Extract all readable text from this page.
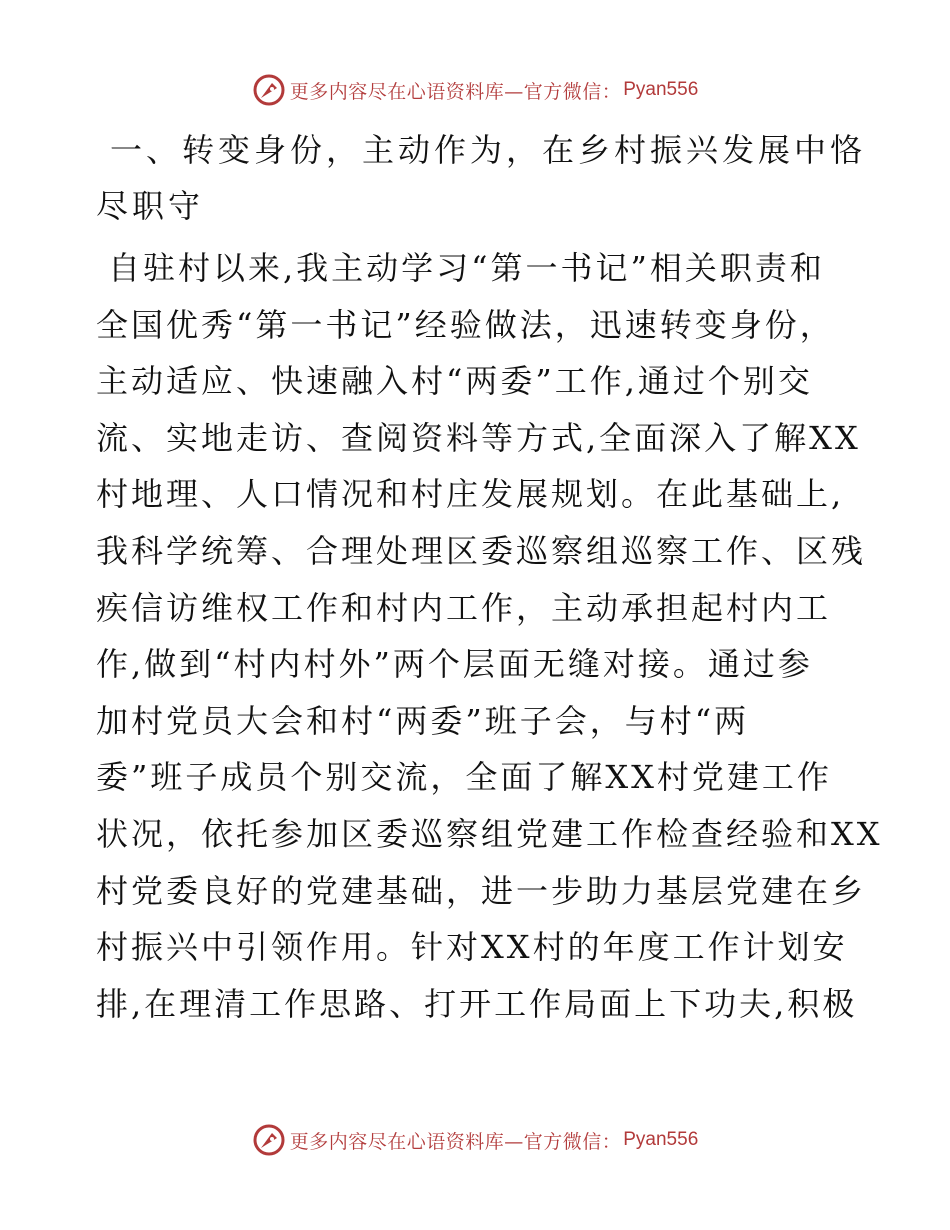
更多内容尽在心语资料库—官方微信： Pyan556
一、转变身份，主动作为，在乡村振兴发展中恪
尽职守

自驻村以来,我主动学习“第一书记”相关职责和
全国优秀“第一书记”经验做法，迅速转变身份，
主动适应、快速融入村“两委”工作,通过个别交
流、实地走访、查阅资料等方式,全面深入了解XX
村地理、人口情况和村庄发展规划。在此基础上,
我科学统筹、合理处理区委巡察组巡察工作、区残
疾信访维权工作和村内工作，主动承担起村内工
作,做到“村内村外”两个层面无缝对接。通过参
加村党员大会和村“两委”班子会，与村“两
委”班子成员个别交流，全面了解XX村党建工作
状况，依托参加区委巡察组党建工作检查经验和XX
村党委良好的党建基础，进一步助力基层党建在乡
村振兴中引领作用。针对XX村的年度工作计划安
排,在理清工作思路、打开工作局面上下功夫,积极

更多内容尽在心语资料库—官方微信： Pyan556
